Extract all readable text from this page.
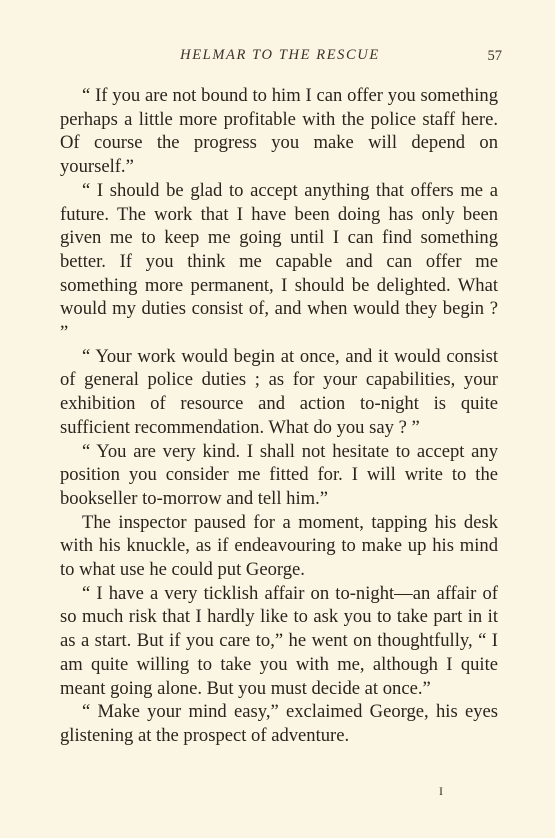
HELMAR TO THE RESCUE	57

“ If you are not bound to him I can offer you something perhaps a little more profitable with the police staff here. Of course the progress you make will depend on yourself.”

“ I should be glad to accept anything that offers me a future. The work that I have been doing has only been given me to keep me going until I can find something better. If you think me capable and can offer me something more permanent, I should be delighted. What would my duties consist of, and when would they begin ? ”

“ Your work would begin at once, and it would consist of general police duties ; as for your capabilities, your exhibition of resource and action to-night is quite sufficient recommendation. What do you say ? ”

“ You are very kind. I shall not hesitate to accept any position you consider me fitted for. I will write to the bookseller to-morrow and tell him.”

The inspector paused for a moment, tapping his desk with his knuckle, as if endeavouring to make up his mind to what use he could put George.

“ I have a very ticklish affair on to-night—an affair of so much risk that I hardly like to ask you to take part in it as a start. But if you care to,” he went on thoughtfully, “ I am quite willing to take you with me, although I quite meant going alone. But you must decide at once.”

“ Make your mind easy,” exclaimed George, his eyes glistening at the prospect of adventure.

I
